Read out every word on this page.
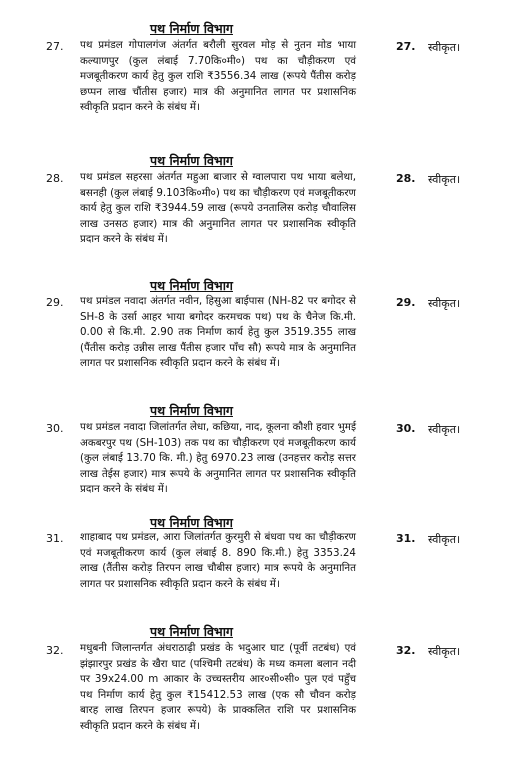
पथ निर्माण विभाग
27. पथ प्रमंडल गोपालगंज अंतर्गत बरौली सुरवल मोड़ से नुतन मोड भाया कल्याणपुर (कुल लंबाई 7.70कि०मी०) पथ का चौड़ीकरण एवं मजबूतीकरण कार्य हेतु कुल राशि ₹3556.34 लाख (रूपये पैंतीस करोड़ छप्पन लाख चौंतीस हजार) मात्र की अनुमानित लागत पर प्रशासनिक स्वीकृति प्रदान करने के संबंध में।
27. स्वीकृत।
पथ निर्माण विभाग
28. पथ प्रमंडल सहरसा अंतर्गत महुआ बाजार से ग्वालपारा पथ भाया बलेथा, बसनही (कुल लंबाई 9.103कि०मी०) पथ का चौड़ीकरण एवं मजबूतीकरण कार्य हेतु कुल राशि ₹3944.59 लाख (रूपये उनतालिस करोड़ चौवालिस लाख उनसठ हजार) मात्र की अनुमानित लागत पर प्रशासनिक स्वीकृति प्रदान करने के संबंध में।
28. स्वीकृत।
पथ निर्माण विभाग
29. पथ प्रमंडल नवादा अंतर्गत नवीन, हिसुआ बाईपास (NH-82 पर बगोदर से SH-8 के उर्सा आहर भाया बगोदर करमचक पथ) पथ के चैनेज कि.मी. 0.00 से कि.मी. 2.90 तक निर्माण कार्य हेतु कुल 3519.355 लाख (पैंतीस करोड़ उन्नीस लाख पैंतीस हजार पाँच सौ) रूपये मात्र के अनुमानित लागत पर प्रशासनिक स्वीकृति प्रदान करने के संबंध में।
29. स्वीकृत।
पथ निर्माण विभाग
30. पथ प्रमंडल नवादा जिलांतर्गत लेधा, कछिया, नाद, कूलना कौशी हवार भुमई अकबरपुर पथ (SH-103) तक पथ का चौड़ीकरण एवं मजबूतीकरण कार्य (कुल लंबाई 13.70 कि. मी.) हेतु 6970.23 लाख (उनहत्तर करोड़ सत्तर लाख तेईस हजार) मात्र रूपये के अनुमानित लागत पर प्रशासनिक स्वीकृति प्रदान करने के संबंध में।
30. स्वीकृत।
पथ निर्माण विभाग
31. शाहाबाद पथ प्रमंडल, आरा जिलांतर्गत कुरमुरी से बंधवा पथ का चौड़ीकरण एवं मजबूतीकरण कार्य (कुल लंबाई 8. 890 कि.मी.) हेतु 3353.24 लाख (तैंतीस करोड़ तिरपन लाख चौबीस हजार) मात्र रूपये के अनुमानित लागत पर प्रशासनिक स्वीकृति प्रदान करने के संबंध में।
31. स्वीकृत।
पथ निर्माण विभाग
32. मधुबनी जिलान्तर्गत अंधराठाढ़ी प्रखंड के भदुआर घाट (पूर्वी तटबंध) एवं झंझारपुर प्रखंड के खैरा घाट (पश्चिमी तटबंध) के मध्य कमला बलान नदी पर 39x24.00 m आकार के उच्चस्तरीय आर०सी०सी० पुल एवं पहुँच पथ निर्माण कार्य हेतु कुल ₹15412.53 लाख (एक सौ चौवन करोड़ बारह लाख तिरपन हजार रूपये) के प्राक्कलित राशि पर प्रशासनिक स्वीकृति प्रदान करने के संबंध में।
32. स्वीकृत।
